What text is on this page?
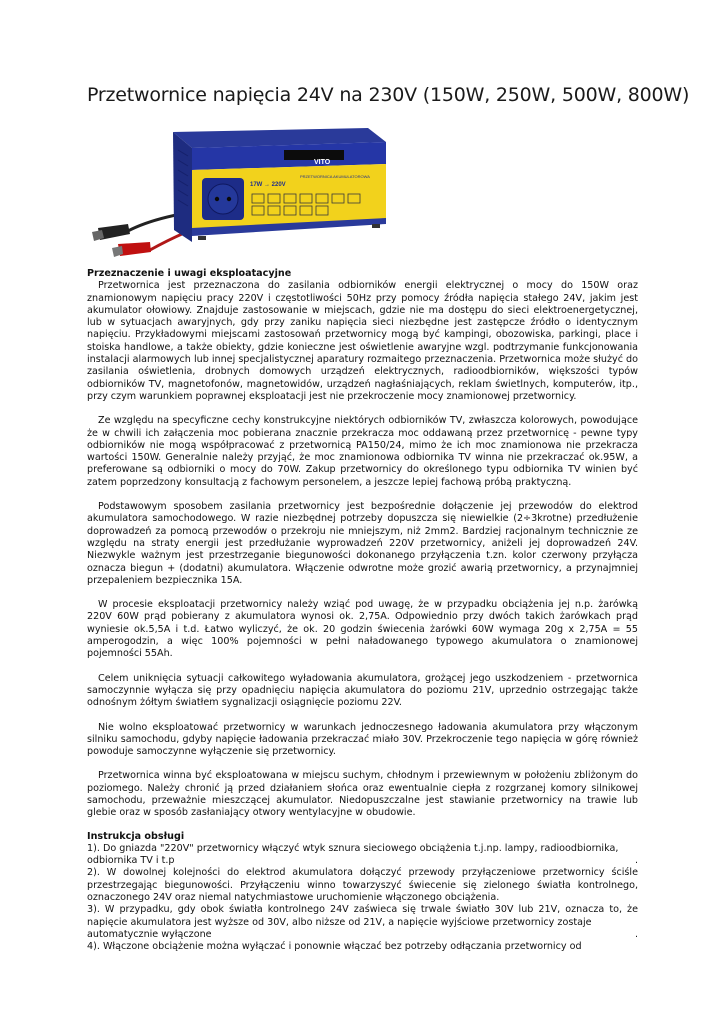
Przetwornice napięcia 24V na 230V (150W, 250W, 500W, 800W)
VITO
17W → 220V
PRZETWORNICA AKUMULATOROWA

Przeznaczenie i uwagi eksploatacyjne

Przetwornica jest przeznaczona do zasilania odbiorników energii elektrycznej o mocy do 150W oraz znamionowym napięciu pracy 220V i częstotliwości 50Hz przy pomocy źródła napięcia stałego 24V, jakim jest akumulator ołowiowy. Znajduje zastosowanie w miejscach, gdzie nie ma dostępu do sieci elektroenergetycznej, lub w sytuacjach awaryjnych, gdy przy zaniku napięcia sieci niezbędne jest zastępcze źródło o identycznym napięciu. Przykładowymi miejscami zastosowań przetwornicy mogą być kampingi, obozowiska, parkingi, place i stoiska handlowe, a także obiekty, gdzie konieczne jest oświetlenie awaryjne wzgl. podtrzymanie funkcjonowania instalacji alarmowych lub innej specjalistycznej aparatury rozmaitego przeznaczenia. Przetwornica może służyć do zasilania oświetlenia, drobnych domowych urządzeń elektrycznych, radioodbiorników, większości typów odbiorników TV, magnetofonów, magnetowidów, urządzeń nagłaśniających, reklam świetlnych, komputerów, itp., przy czym warunkiem poprawnej eksploatacji jest nie przekroczenie mocy znamionowej przetwornicy.

Ze względu na specyficzne cechy konstrukcyjne niektórych odbiorników TV, zwłaszcza kolorowych, powodujące że w chwili ich załączenia moc pobierana znacznie przekracza moc oddawaną przez przetwornicę - pewne typy odbiorników nie mogą współpracować z przetwornicą PA150/24, mimo że ich moc znamionowa nie przekracza wartości 150W. Generalnie należy przyjąć, że moc znamionowa odbiornika TV winna nie przekraczać ok.95W, a preferowane są odbiorniki o mocy do 70W. Zakup przetwornicy do określonego typu odbiornika TV winien być zatem poprzedzony konsultacją z fachowym personelem, a jeszcze lepiej fachową próbą praktyczną.

Podstawowym sposobem zasilania przetwornicy jest bezpośrednie dołączenie jej przewodów do elektrod akumulatora samochodowego. W razie niezbędnej potrzeby dopuszcza się niewielkie (2÷3krotne) przedłużenie doprowadzeń za pomocą przewodów o przekroju nie mniejszym, niż 2mm2. Bardziej racjonalnym technicznie ze względu na straty energii jest przedłużanie wyprowadzeń 220V przetwornicy, aniżeli jej doprowadzeń 24V. Niezwykle ważnym jest przestrzeganie biegunowości dokonanego przyłączenia t.zn. kolor czerwony przyłącza oznacza biegun + (dodatni) akumulatora. Włączenie odwrotne może grozić awarią przetwornicy, a przynajmniej przepaleniem bezpiecznika 15A.

W procesie eksploatacji przetwornicy należy wziąć pod uwagę, że w przypadku obciążenia jej n.p. żarówką 220V 60W prąd pobierany z akumulatora wynosi ok. 2,75A. Odpowiednio przy dwóch takich żarówkach prąd wyniesie ok.5,5A i t.d. Łatwo wyliczyć, że ok. 20 godzin świecenia żarówki 60W wymaga 20g x 2,75A = 55 amperogodzin, a więc 100% pojemności w pełni naładowanego typowego akumulatora o znamionowej pojemności 55Ah.

Celem uniknięcia sytuacji całkowitego wyładowania akumulatora, grożącej jego uszkodzeniem - przetwornica samoczynnie wyłącza się przy opadnięciu napięcia akumulatora do poziomu 21V, uprzednio ostrzegając także odnośnym żółtym światłem sygnalizacji osiągnięcie poziomu 22V.

Nie wolno eksploatować przetwornicy w warunkach jednoczesnego ładowania akumulatora przy włączonym silniku samochodu, gdyby napięcie ładowania przekraczać miało 30V. Przekroczenie tego napięcia w górę również powoduje samoczynne wyłączenie się przetwornicy.

Przetwornica winna być eksploatowana w miejscu suchym, chłodnym i przewiewnym w położeniu zbliżonym do poziomego. Należy chronić ją przed działaniem słońca oraz ewentualnie ciepła z rozgrzanej komory silnikowej samochodu, przeważnie mieszczącej akumulator. Niedopuszczalne jest stawianie przetwornicy na trawie lub glebie oraz w sposób zasłaniający otwory wentylacyjne w obudowie.

Instrukcja obsługi

1). Do gniazda "220V" przetwornicy włączyć wtyk sznura sieciowego obciążenia t.j.np. lampy, radioodbiornika,

odbiornika TV i t.p	.

2). W dowolnej kolejności do elektrod akumulatora dołączyć przewody przyłączeniowe przetwornicy ściśle przestrzegając biegunowości. Przyłączeniu winno towarzyszyć świecenie się zielonego światła kontrolnego, oznaczonego 24V oraz niemal natychmiastowe uruchomienie włączonego obciążenia.

3). W przypadku, gdy obok światła kontrolnego 24V zaświeca się trwale światło 30V lub 21V, oznacza to, że napięcie akumulatora jest wyższe od 30V, albo niższe od 21V, a napięcie wyjściowe przetwornicy zostaje

automatycznie wyłączone	.

4). Włączone obciążenie można wyłączać i ponownie włączać bez potrzeby odłączania przetwornicy od
